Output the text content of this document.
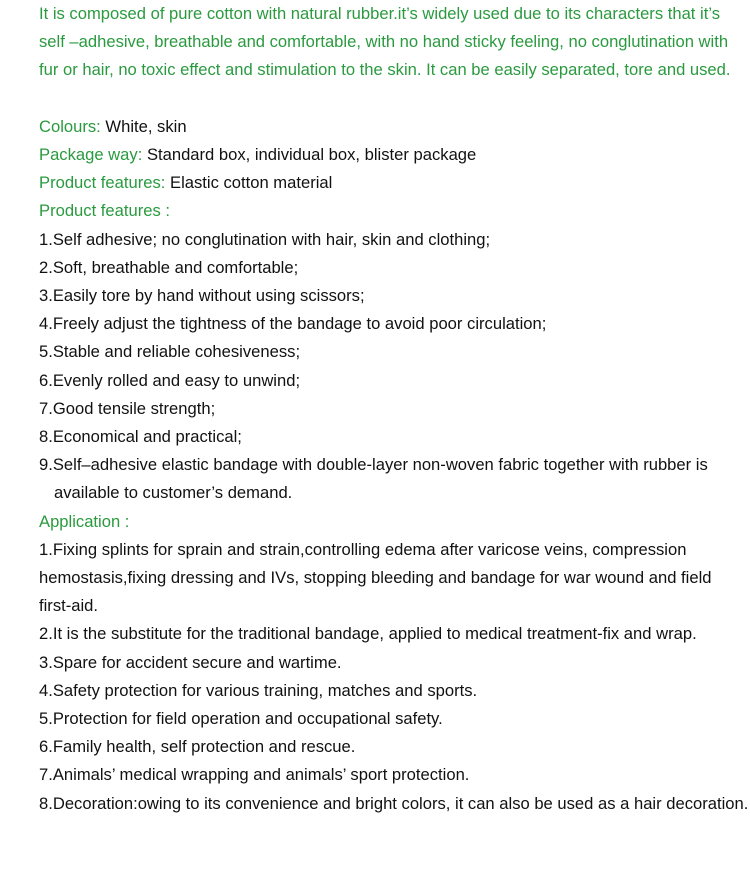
It is composed of pure cotton with natural rubber.it’s widely used due to its characters that it’s self –adhesive, breathable and comfortable, with no hand sticky feeling, no conglutination with fur or hair, no toxic effect and stimulation to the skin. It can be easily separated, tore and used.

Colours: White, skin

Package way: Standard box, individual box, blister package

Product features: Elastic cotton material

Product features :

1.Self adhesive; no conglutination with hair, skin and clothing;

2.Soft, breathable and comfortable;

3.Easily tore by hand without using scissors;

4.Freely adjust the tightness of the bandage to avoid poor circulation;

5.Stable and reliable cohesiveness;

6.Evenly rolled and easy to unwind;

7.Good tensile strength;

8.Economical and practical;

9.Self–adhesive elastic bandage with double-layer non-woven fabric together with rubber is available to customer’s demand.

Application :

1.Fixing splints for sprain and strain,controlling edema after varicose veins, compression hemostasis,fixing dressing and IVs, stopping bleeding and bandage for war wound and field first-aid.

2.It is the substitute for the traditional bandage, applied to medical treatment-fix and wrap.

3.Spare for accident secure and wartime.

4.Safety protection for various training, matches and sports.

5.Protection for field operation and occupational safety.

6.Family health, self protection and rescue.

7.Animals’ medical wrapping and animals’ sport protection.

8.Decoration:owing to its convenience and bright colors, it can also be used as a hair decoration.
